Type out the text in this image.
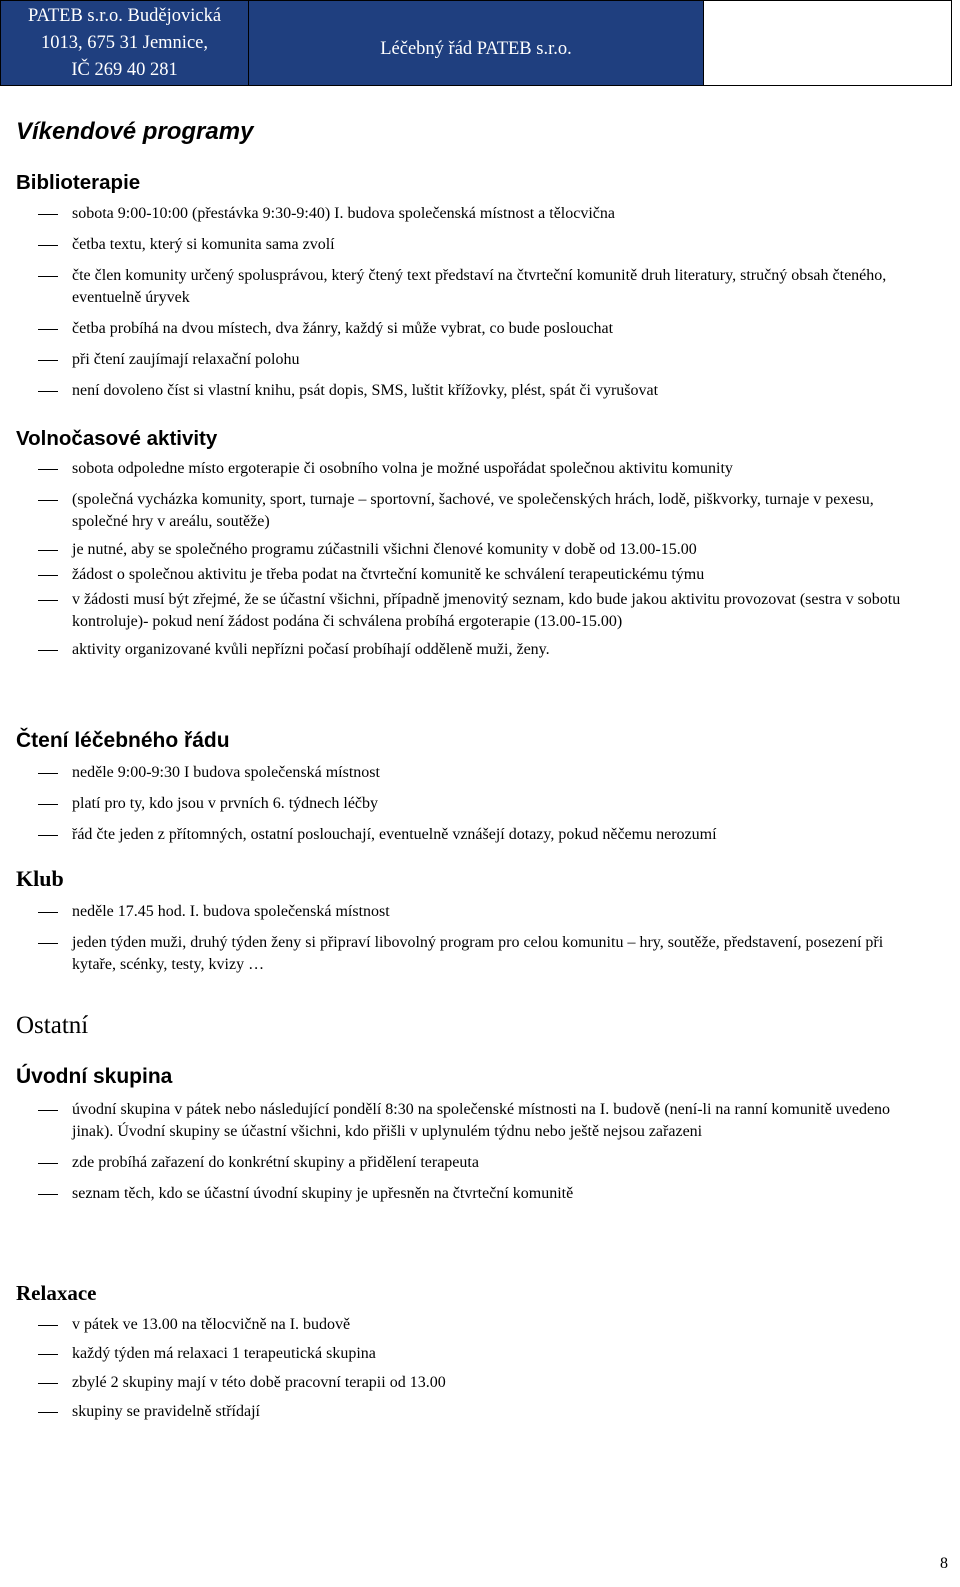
PATEB s.r.o. Budějovická
1013, 675 31 Jemnice,
IČ 269 40 281
Léčebný řád PATEB s.r.o.
Víkendové programy
Biblioterapie
sobota 9:00-10:00 (přestávka 9:30-9:40) I. budova společenská místnost a tělocvična
četba textu, který si komunita sama zvolí
čte člen komunity určený spolusprávou, který čtený text představí na čtvrteční komunitě druh literatury, stručný obsah čteného, eventuelně úryvek
četba probíhá na dvou místech, dva žánry, každý si může vybrat, co bude poslouchat
při čtení zaujímají relaxační polohu
není dovoleno číst si vlastní knihu, psát dopis, SMS, luštit křížovky, plést, spát či vyrušovat
Volnočasové aktivity
sobota odpoledne místo ergoterapie či osobního volna je možné uspořádat společnou aktivitu komunity
(společná vycházka komunity, sport, turnaje – sportovní, šachové, ve společenských hrách, lodě, piškvorky, turnaje v pexesu, společné hry v areálu, soutěže)
je nutné, aby se společného programu zúčastnili všichni členové komunity v době od 13.00-15.00
žádost o společnou aktivitu je třeba podat na čtvrteční komunitě ke schválení terapeutickému týmu
v žádosti musí být zřejmé, že se účastní všichni, případně jmenovitý seznam, kdo bude jakou aktivitu provozovat (sestra v sobotu kontroluje)- pokud není žádost podána či schválena probíhá ergoterapie (13.00-15.00)
aktivity organizované kvůli nepřízni počasí probíhají odděleně muži, ženy.
Čtení léčebného řádu
neděle 9:00-9:30 I budova společenská místnost
platí pro ty, kdo jsou v prvních 6. týdnech léčby
řád čte jeden z přítomných, ostatní poslouchají, eventuelně vznášejí dotazy, pokud něčemu nerozumí
Klub
neděle 17.45 hod. I. budova společenská místnost
jeden týden muži, druhý týden ženy si připraví libovolný program pro celou komunitu – hry, soutěže, představení, posezení při kytaře, scénky, testy, kvizy …
Ostatní
Úvodní skupina
úvodní skupina v pátek nebo následující pondělí 8:30 na společenské místnosti na I. budově (není-li na ranní komunitě uvedeno jinak). Úvodní skupiny se účastní všichni, kdo přišli v uplynulém týdnu nebo ještě nejsou zařazeni
zde probíhá zařazení do konkrétní skupiny a přidělení terapeuta
seznam těch, kdo se účastní úvodní skupiny je upřesněn na čtvrteční komunitě
Relaxace
v pátek ve 13.00 na tělocvičně na I. budově
každý týden má relaxaci 1 terapeutická skupina
zbylé 2 skupiny mají v této době pracovní terapii od 13.00
skupiny se pravidelně střídají
8
